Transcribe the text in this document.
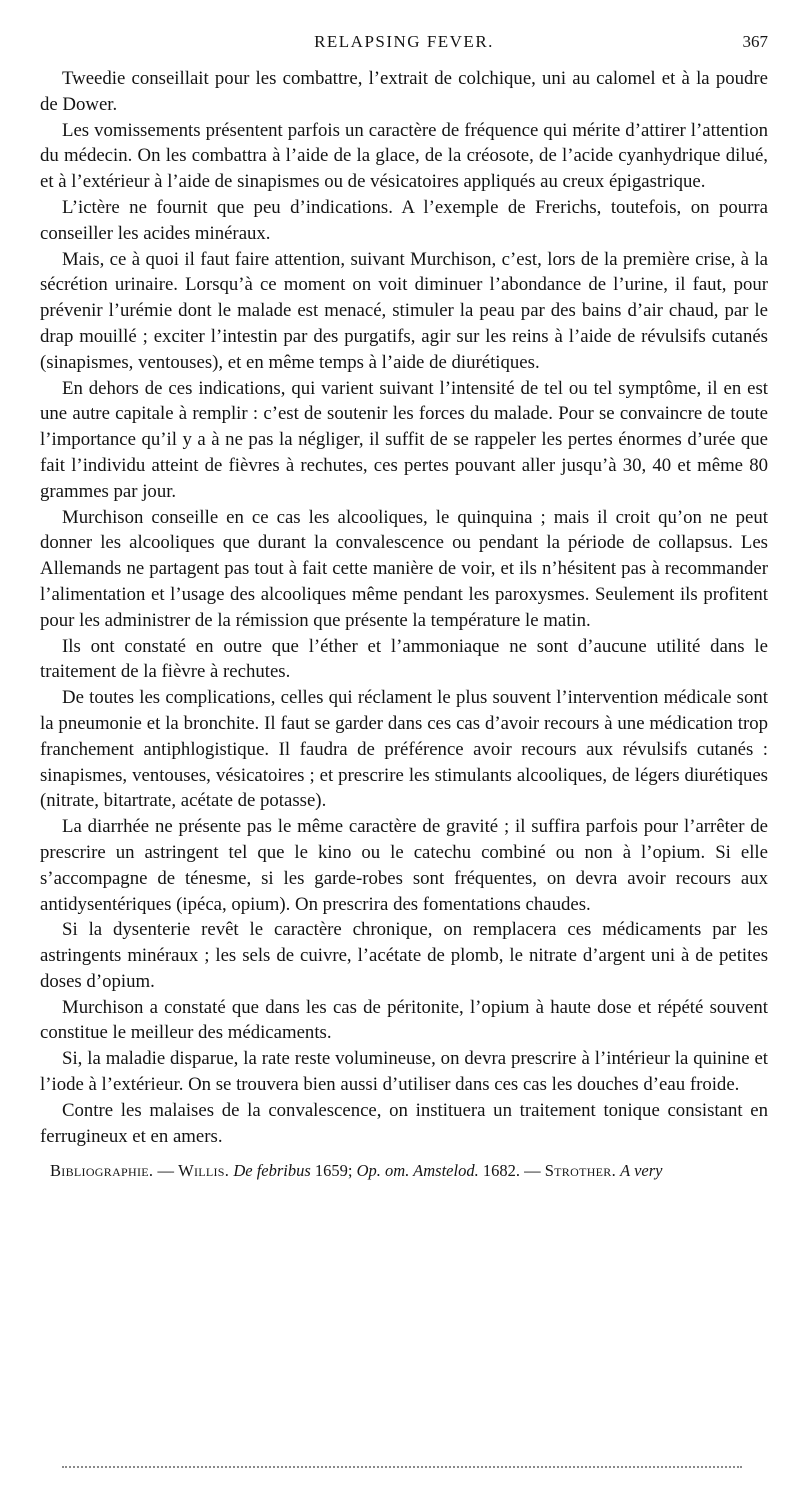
RELAPSING FEVER.	367

Tweedie conseillait pour les combattre, l’extrait de colchique, uni au calomel et à la poudre de Dower.

Les vomissements présentent parfois un caractère de fréquence qui mérite d’attirer l’attention du médecin. On les combattra à l’aide de la glace, de la créosote, de l’acide cyanhydrique dilué, et à l’extérieur à l’aide de sinapismes ou de vésicatoires appliqués au creux épigastrique.

L’ictère ne fournit que peu d’indications. A l’exemple de Frerichs, toutefois, on pourra conseiller les acides minéraux.

Mais, ce à quoi il faut faire attention, suivant Murchison, c’est, lors de la première crise, à la sécrétion urinaire. Lorsqu’à ce moment on voit diminuer l’abondance de l’urine, il faut, pour prévenir l’urémie dont le malade est menacé, stimuler la peau par des bains d’air chaud, par le drap mouillé ; exciter l’intestin par des purgatifs, agir sur les reins à l’aide de révulsifs cutanés (sinapismes, ventouses), et en même temps à l’aide de diurétiques.

En dehors de ces indications, qui varient suivant l’intensité de tel ou tel symptôme, il en est une autre capitale à remplir : c’est de soutenir les forces du malade. Pour se convaincre de toute l’importance qu’il y a à ne pas la négliger, il suffit de se rappeler les pertes énormes d’urée que fait l’individu atteint de fièvres à rechutes, ces pertes pouvant aller jusqu’à 30, 40 et même 80 grammes par jour.

Murchison conseille en ce cas les alcooliques, le quinquina ; mais il croit qu’on ne peut donner les alcooliques que durant la convalescence ou pendant la période de collapsus. Les Allemands ne partagent pas tout à fait cette manière de voir, et ils n’hésitent pas à recommander l’alimentation et l’usage des alcooliques même pendant les paroxysmes. Seulement ils profitent pour les administrer de la rémission que présente la température le matin.

Ils ont constaté en outre que l’éther et l’ammoniaque ne sont d’aucune utilité dans le traitement de la fièvre à rechutes.

De toutes les complications, celles qui réclament le plus souvent l’intervention médicale sont la pneumonie et la bronchite. Il faut se garder dans ces cas d’avoir recours à une médication trop franchement antiphlogistique. Il faudra de préférence avoir recours aux révulsifs cutanés : sinapismes, ventouses, vésicatoires ; et prescrire les stimulants alcooliques, de légers diurétiques (nitrate, bitartrate, acétate de potasse).

La diarrhée ne présente pas le même caractère de gravité ; il suffira parfois pour l’arrêter de prescrire un astringent tel que le kino ou le catechu combiné ou non à l’opium. Si elle s’accompagne de ténesme, si les garde-robes sont fréquentes, on devra avoir recours aux antidysentériques (ipéca, opium). On prescrira des fomentations chaudes.

Si la dysenterie revêt le caractère chronique, on remplacera ces médicaments par les astringents minéraux ; les sels de cuivre, l’acétate de plomb, le nitrate d’argent uni à de petites doses d’opium.

Murchison a constaté que dans les cas de péritonite, l’opium à haute dose et répété souvent constitue le meilleur des médicaments.

Si, la maladie disparue, la rate reste volumineuse, on devra prescrire à l’intérieur la quinine et l’iode à l’extérieur. On se trouvera bien aussi d’utiliser dans ces cas les douches d’eau froide.

Contre les malaises de la convalescence, on instituera un traitement tonique consistant en ferrugineux et en amers.

Bibliographie. — Willis. De febribus 1659; Op. om. Amstelod. 1682. — Strother. A very
